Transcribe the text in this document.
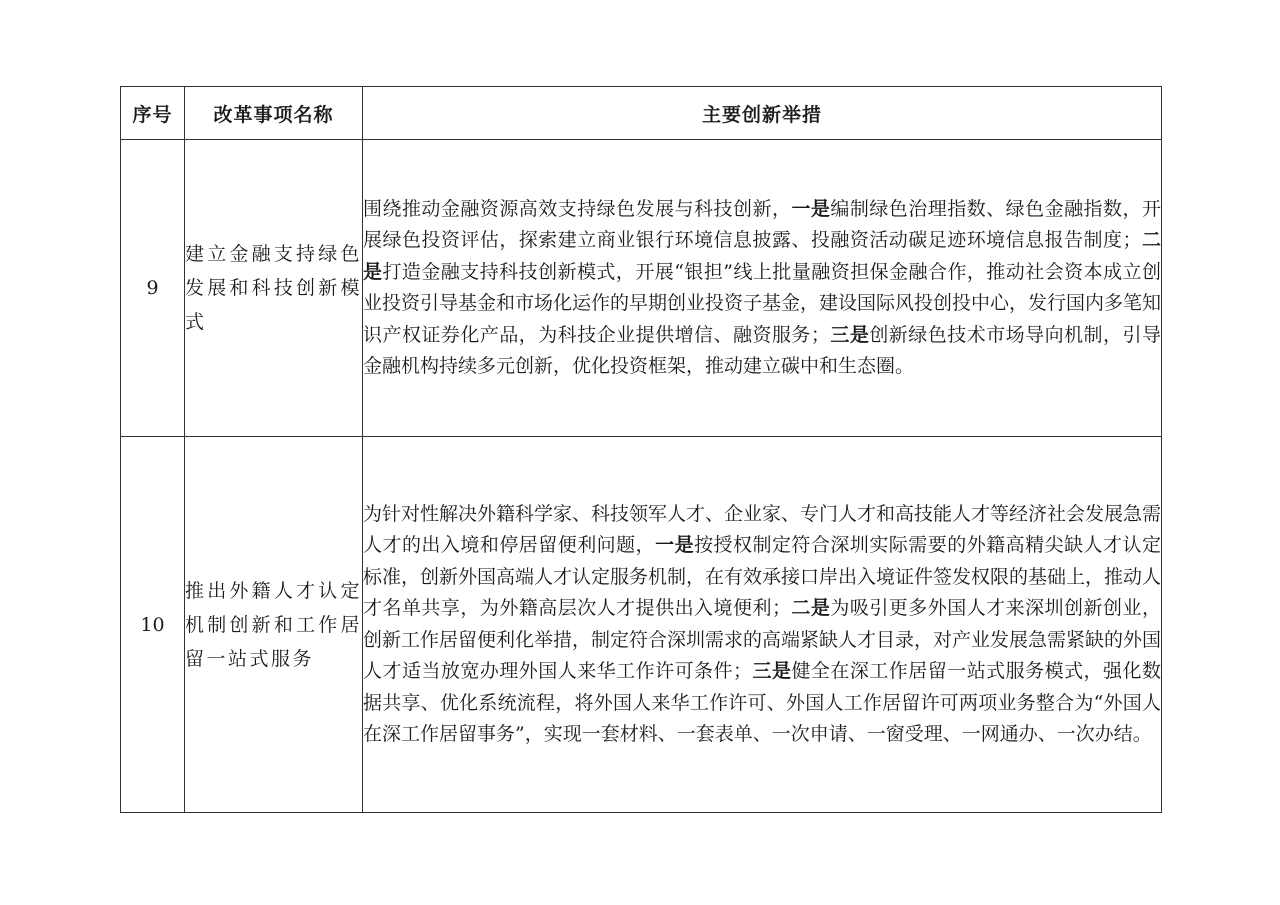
序号	改革事项名称	主要创新举措
9	建立金融支持绿色发展和科技创新模式	围绕推动金融资源高效支持绿色发展与科技创新，一是编制绿色治理指数、绿色金融指数，开展绿色投资评估，探索建立商业银行环境信息披露、投融资活动碳足迹环境信息报告制度；二是打造金融支持科技创新模式，开展“银担”线上批量融资担保金融合作，推动社会资本成立创业投资引导基金和市场化运作的早期创业投资子基金，建设国际风投创投中心，发行国内多笔知识产权证券化产品，为科技企业提供增信、融资服务；三是创新绿色技术市场导向机制，引导金融机构持续多元创新，优化投资框架，推动建立碳中和生态圈。

10	推出外籍人才认定机制创新和工作居留一站式服务	为针对性解决外籍科学家、科技领军人才、企业家、专门人才和高技能人才等经济社会发展急需人才的出入境和停居留便利问题，一是按授权制定符合深圳实际需要的外籍高精尖缺人才认定标准，创新外国高端人才认定服务机制，在有效承接口岸出入境证件签发权限的基础上，推动人才名单共享，为外籍高层次人才提供出入境便利；二是为吸引更多外国人才来深圳创新创业，创新工作居留便利化举措，制定符合深圳需求的高端紧缺人才目录，对产业发展急需紧缺的外国人才适当放宽办理外国人来华工作许可条件；三是健全在深工作居留一站式服务模式，强化数据共享、优化系统流程，将外国人来华工作许可、外国人工作居留许可两项业务整合为“外国人在深工作居留事务”，实现一套材料、一套表单、一次申请、一窗受理、一网通办、一次办结。
